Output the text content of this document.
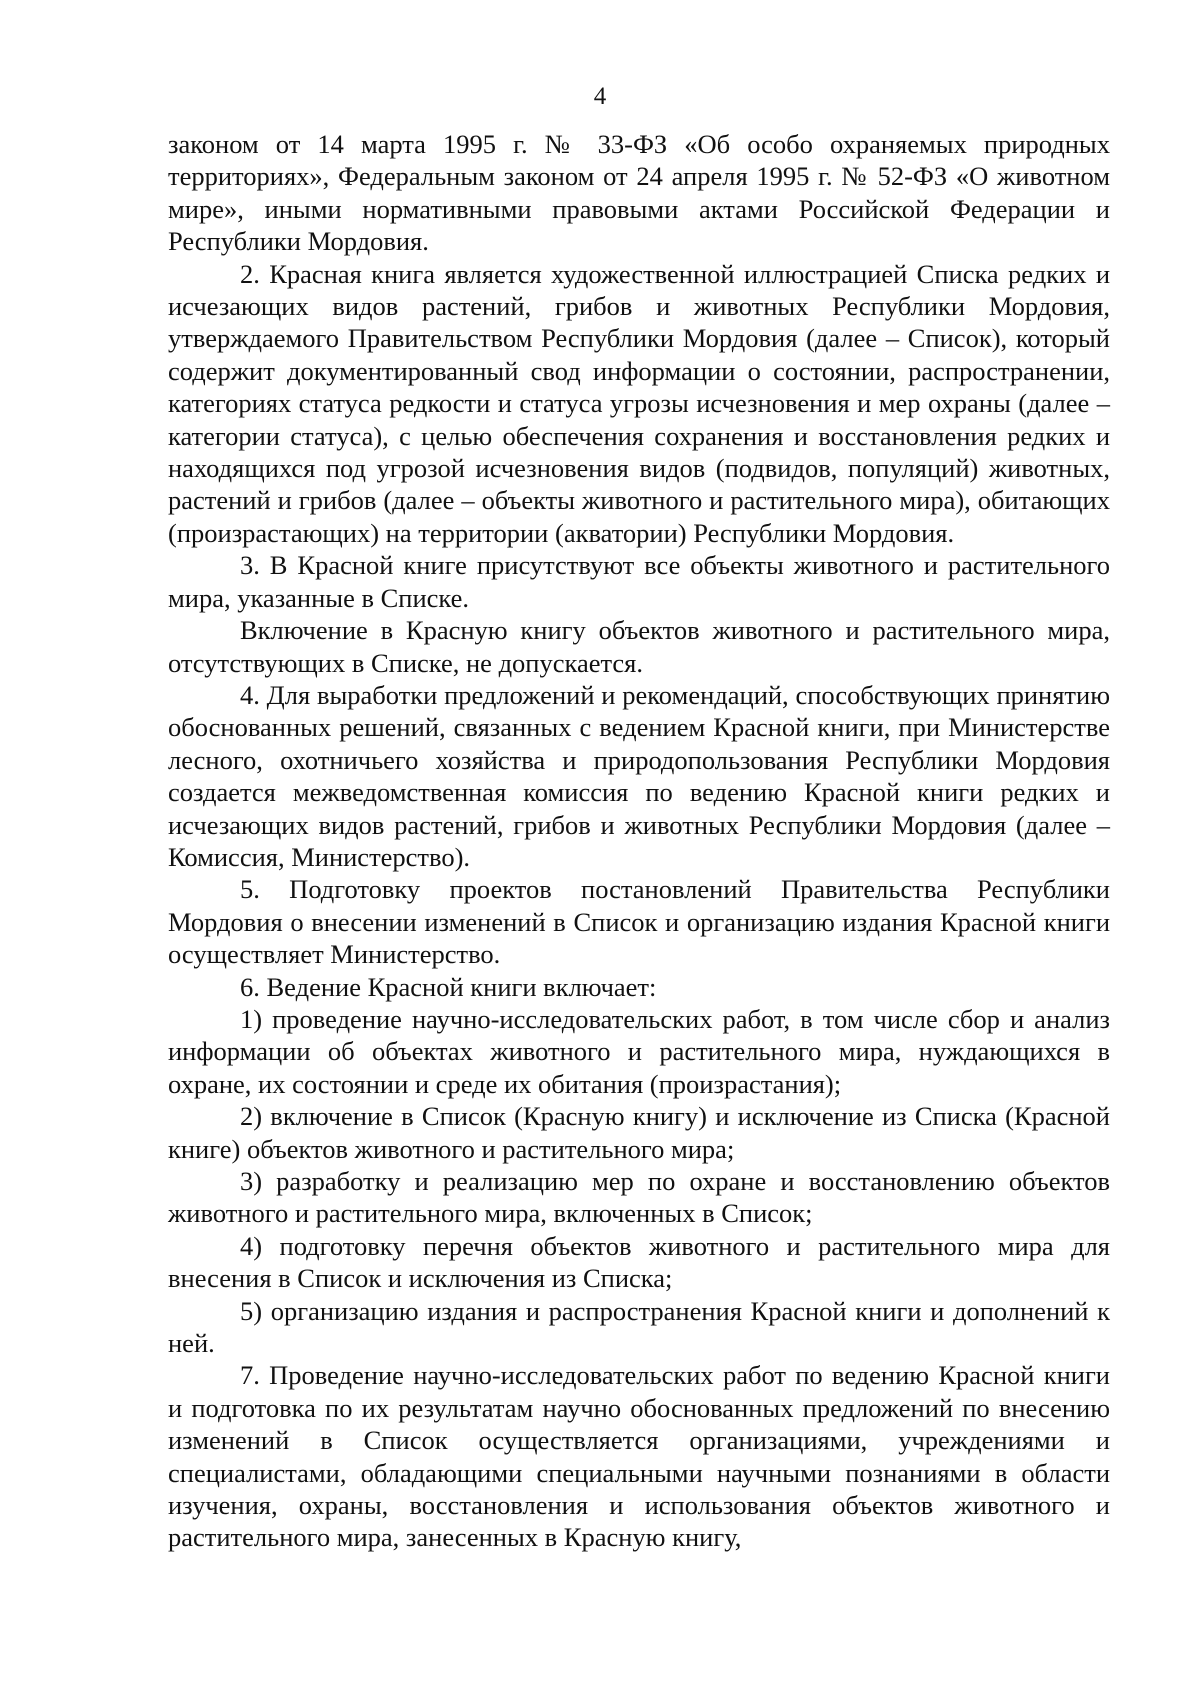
4

законом от 14 марта 1995 г. № 33-ФЗ «Об особо охраняемых природных территориях», Федеральным законом от 24 апреля 1995 г. № 52-ФЗ «О животном мире», иными нормативными правовыми актами Российской Федерации и Республики Мордовия.

2. Красная книга является художественной иллюстрацией Списка редких и исчезающих видов растений, грибов и животных Республики Мордовия, утверждаемого Правительством Республики Мордовия (далее – Список), который содержит документированный свод информации о состоянии, распространении, категориях статуса редкости и статуса угрозы исчезновения и мер охраны (далее – категории статуса), с целью обеспечения сохранения и восстановления редких и находящихся под угрозой исчезновения видов (подвидов, популяций) животных, растений и грибов (далее – объекты животного и растительного мира), обитающих (произрастающих) на территории (акватории) Республики Мордовия.

3. В Красной книге присутствуют все объекты животного и растительного мира, указанные в Списке.

Включение в Красную книгу объектов животного и растительного мира, отсутствующих в Списке, не допускается.

4. Для выработки предложений и рекомендаций, способствующих принятию обоснованных решений, связанных с ведением Красной книги, при Министерстве лесного, охотничьего хозяйства и природопользования Республики Мордовия создается межведомственная комиссия по ведению Красной книги редких и исчезающих видов растений, грибов и животных Республики Мордовия (далее – Комиссия, Министерство).

5. Подготовку проектов постановлений Правительства Республики Мордовия о внесении изменений в Список и организацию издания Красной книги осуществляет Министерство.

6. Ведение Красной книги включает:

1) проведение научно-исследовательских работ, в том числе сбор и анализ информации об объектах животного и растительного мира, нуждающихся в охране, их состоянии и среде их обитания (произрастания);

2) включение в Список (Красную книгу) и исключение из Списка (Красной книге) объектов животного и растительного мира;

3) разработку и реализацию мер по охране и восстановлению объектов животного и растительного мира, включенных в Список;

4) подготовку перечня объектов животного и растительного мира для внесения в Список и исключения из Списка;

5) организацию издания и распространения Красной книги и дополнений к ней.

7. Проведение научно-исследовательских работ по ведению Красной книги и подготовка по их результатам научно обоснованных предложений по внесению изменений в Список осуществляется организациями, учреждениями и специалистами, обладающими специальными научными познаниями в области изучения, охраны, восстановления и использования объектов животного и растительного мира, занесенных в Красную книгу,
